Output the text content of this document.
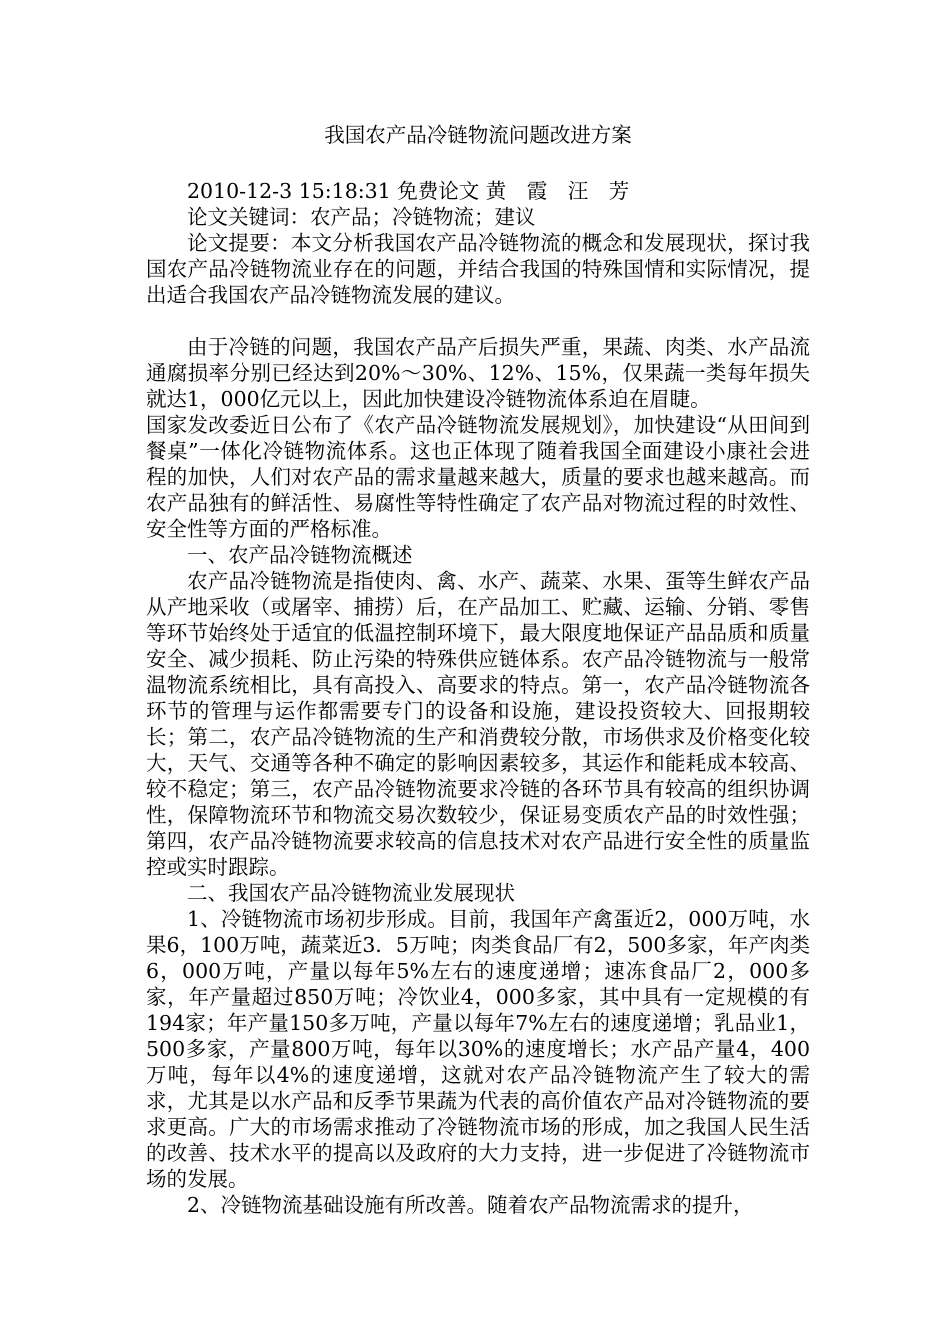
我国农产品冷链物流问题改进方案

2010-12-3 15:18:31 免费论文 黄　霞　汪　芳

论文关键词：农产品；冷链物流；建议

论文提要：本文分析我国农产品冷链物流的概念和发展现状，探讨我国农产品冷链物流业存在的问题，并结合我国的特殊国情和实际情况，提出适合我国农产品冷链物流发展的建议。

由于冷链的问题，我国农产品产后损失严重，果蔬、肉类、水产品流通腐损率分别已经达到20%～30%、12%、15%，仅果蔬一类每年损失就达1，000亿元以上，因此加快建设冷链物流体系迫在眉睫。

国家发改委近日公布了《农产品冷链物流发展规划》，加快建设“从田间到餐桌”一体化冷链物流体系。这也正体现了随着我国全面建设小康社会进程的加快，人们对农产品的需求量越来越大，质量的要求也越来越高。而农产品独有的鲜活性、易腐性等特性确定了农产品对物流过程的时效性、安全性等方面的严格标准。

一、农产品冷链物流概述

农产品冷链物流是指使肉、禽、水产、蔬菜、水果、蛋等生鲜农产品从产地采收（或屠宰、捕捞）后，在产品加工、贮藏、运输、分销、零售等环节始终处于适宜的低温控制环境下，最大限度地保证产品品质和质量安全、减少损耗、防止污染的特殊供应链体系。农产品冷链物流与一般常温物流系统相比，具有高投入、高要求的特点。第一，农产品冷链物流各环节的管理与运作都需要专门的设备和设施，建设投资较大、回报期较长；第二，农产品冷链物流的生产和消费较分散，市场供求及价格变化较大，天气、交通等各种不确定的影响因素较多，其运作和能耗成本较高、较不稳定；第三，农产品冷链物流要求冷链的各环节具有较高的组织协调性，保障物流环节和物流交易次数较少，保证易变质农产品的时效性强；第四，农产品冷链物流要求较高的信息技术对农产品进行安全性的质量监控或实时跟踪。

二、我国农产品冷链物流业发展现状

1、冷链物流市场初步形成。目前，我国年产禽蛋近2，000万吨，水果6，100万吨，蔬菜近3．5万吨；肉类食品厂有2，500多家，年产肉类6，000万吨，产量以每年5%左右的速度递增；速冻食品厂2，000多家，年产量超过850万吨；冷饮业4，000多家，其中具有一定规模的有194家；年产量150多万吨，产量以每年7%左右的速度递增；乳品业1，500多家，产量800万吨，每年以30%的速度增长；水产品产量4，400万吨，每年以4%的速度递增，这就对农产品冷链物流产生了较大的需求，尤其是以水产品和反季节果蔬为代表的高价值农产品对冷链物流的要求更高。广大的市场需求推动了冷链物流市场的形成，加之我国人民生活的改善、技术水平的提高以及政府的大力支持，进一步促进了冷链物流市场的发展。

2、冷链物流基础设施有所改善。随着农产品物流需求的提升，
